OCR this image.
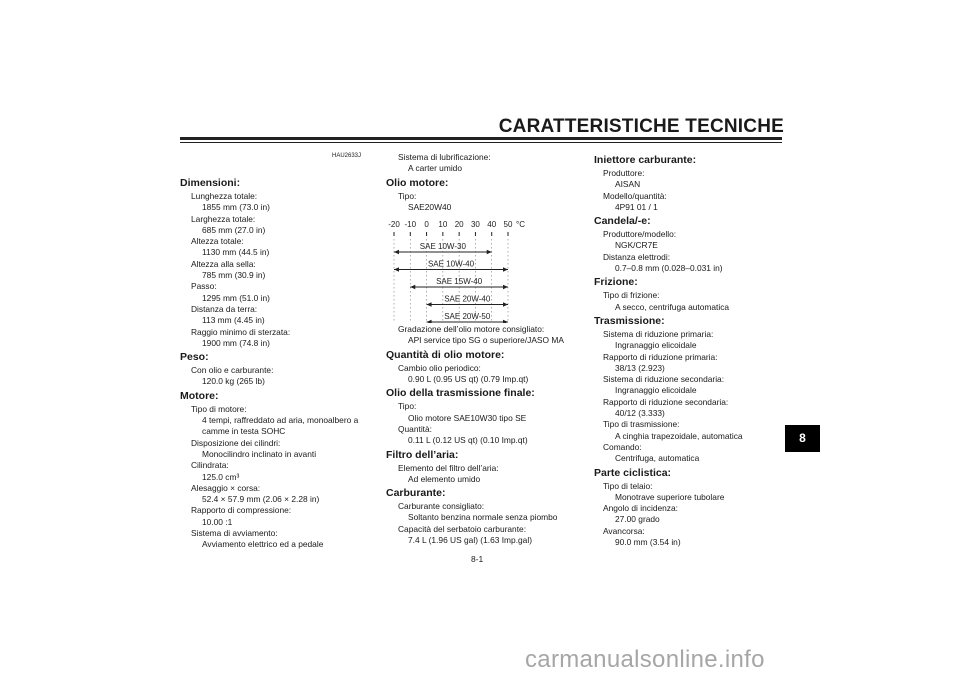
CARATTERISTICHE TECNICHE
HAU2633J
Dimensioni:
Lunghezza totale:
1855 mm (73.0 in)
Larghezza totale:
685 mm (27.0 in)
Altezza totale:
1130 mm (44.5 in)
Altezza alla sella:
785 mm (30.9 in)
Passo:
1295 mm (51.0 in)
Distanza da terra:
113 mm (4.45 in)
Raggio minimo di sterzata:
1900 mm (74.8 in)
Peso:
Con olio e carburante:
120.0 kg (265 lb)
Motore:
Tipo di motore:
4 tempi, raffreddato ad aria, monoalbero a
camme in testa SOHC
Disposizione dei cilindri:
Monocilindro inclinato in avanti
Cilindrata:
125.0 cm³
Alesaggio × corsa:
52.4 × 57.9 mm (2.06 × 2.28 in)
Rapporto di compressione:
10.00 :1
Sistema di avviamento:
Avviamento elettrico ed a pedale
Sistema di lubrificazione:
A carter umido
Olio motore:
Tipo:
SAE20W40
-20 -10 0 10 20 30 40 50 °C
SAE 10W-30
SAE 10W-40
SAE 15W-40
SAE 20W-40
SAE 20W-50
Gradazione dell’olio motore consigliato:
API service tipo SG o superiore/JASO MA
Quantità di olio motore:
Cambio olio periodico:
0.90 L (0.95 US qt) (0.79 Imp.qt)
Olio della trasmissione finale:
Tipo:
Olio motore SAE10W30 tipo SE
Quantità:
0.11 L (0.12 US qt) (0.10 Imp.qt)
Filtro dell’aria:
Elemento del filtro dell’aria:
Ad elemento umido
Carburante:
Carburante consigliato:
Soltanto benzina normale senza piombo
Capacità del serbatoio carburante:
7.4 L (1.96 US gal) (1.63 Imp.gal)
Iniettore carburante:
Produttore:
AISAN
Modello/quantità:
4P91 01 / 1
Candela/-e:
Produttore/modello:
NGK/CR7E
Distanza elettrodi:
0.7–0.8 mm (0.028–0.031 in)
Frizione:
Tipo di frizione:
A secco, centrifuga automatica
Trasmissione:
Sistema di riduzione primaria:
Ingranaggio elicoidale
Rapporto di riduzione primaria:
38/13 (2.923)
Sistema di riduzione secondaria:
Ingranaggio elicoidale
Rapporto di riduzione secondaria:
40/12 (3.333)
Tipo di trasmissione:
A cinghia trapezoidale, automatica
Comando:
Centrifuga, automatica
Parte ciclistica:
Tipo di telaio:
Monotrave superiore tubolare
Angolo di incidenza:
27.00 grado
Avancorsa:
90.0 mm (3.54 in)
8
8-1
carmanualsonline.info
